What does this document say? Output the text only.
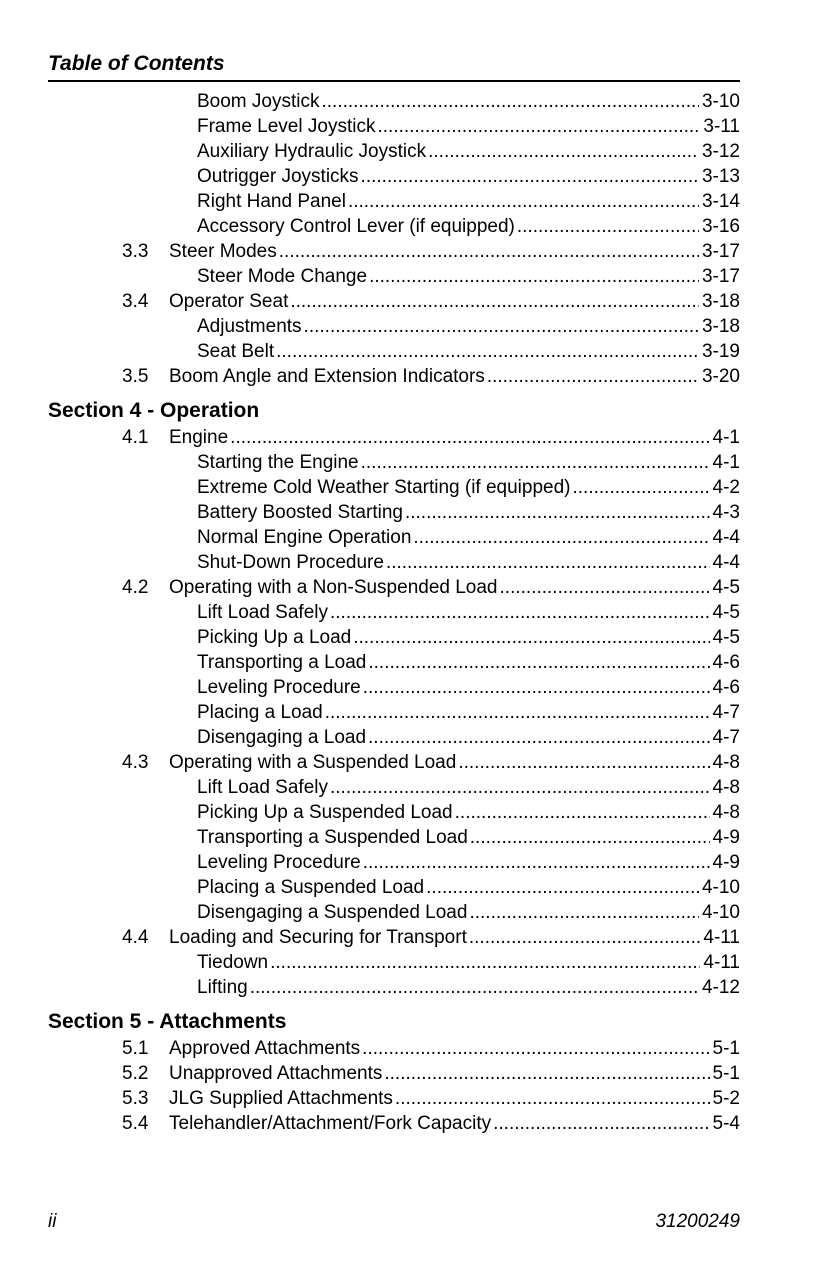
Table of Contents
Boom Joystick .....	3-10
Frame Level Joystick .....	3-11
Auxiliary Hydraulic Joystick .....	3-12
Outrigger Joysticks .....	3-13
Right Hand Panel .....	3-14
Accessory Control Lever (if equipped) .....	3-16
3.3 Steer Modes .....	3-17
Steer Mode Change .....	3-17
3.4 Operator Seat .....	3-18
Adjustments .....	3-18
Seat Belt .....	3-19
3.5 Boom Angle and Extension Indicators .....	3-20
Section 4 - Operation
4.1 Engine .....	4-1
Starting the Engine .....	4-1
Extreme Cold Weather Starting (if equipped) .....	4-2
Battery Boosted Starting .....	4-3
Normal Engine Operation .....	4-4
Shut-Down Procedure .....	4-4
4.2 Operating with a Non-Suspended Load .....	4-5
Lift Load Safely .....	4-5
Picking Up a Load .....	4-5
Transporting a Load .....	4-6
Leveling Procedure .....	4-6
Placing a Load .....	4-7
Disengaging a Load .....	4-7
4.3 Operating with a Suspended Load .....	4-8
Lift Load Safely .....	4-8
Picking Up a Suspended Load .....	4-8
Transporting a Suspended Load .....	4-9
Leveling Procedure .....	4-9
Placing a Suspended Load .....	4-10
Disengaging a Suspended Load .....	4-10
4.4 Loading and Securing for Transport .....	4-11
Tiedown .....	4-11
Lifting .....	4-12
Section 5 - Attachments
5.1 Approved Attachments .....	5-1
5.2 Unapproved Attachments .....	5-1
5.3 JLG Supplied Attachments .....	5-2
5.4 Telehandler/Attachment/Fork Capacity .....	5-4
ii	31200249
